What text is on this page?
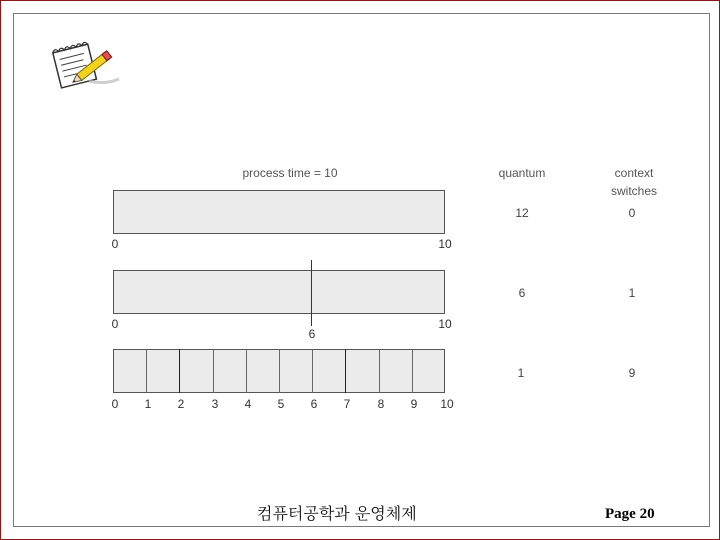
process time = 10	quantum	context
switches
0	10
12	0
0
6
10
6	1
0 1 2 3 4 5 6 7 8 9 10
1	9
컴퓨터공학과 운영체제	Page 20
